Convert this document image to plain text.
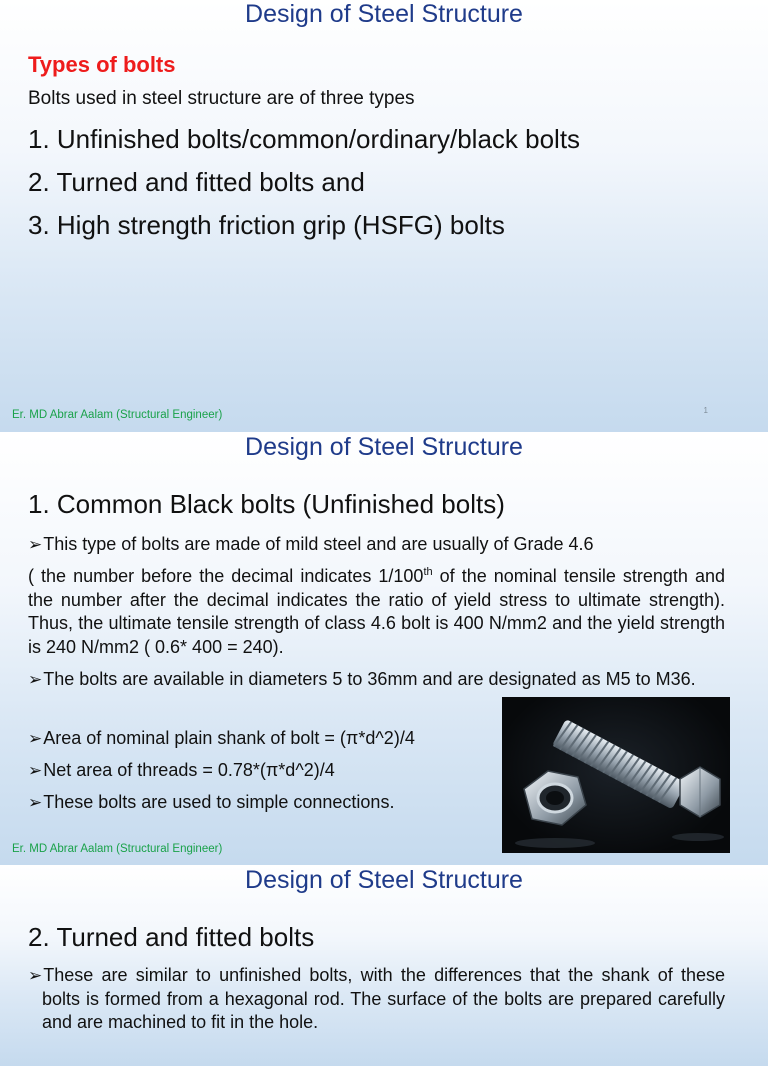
Design of Steel Structure
Types of bolts
Bolts used in steel structure are of three types
1. Unfinished bolts/common/ordinary/black bolts
2. Turned and fitted bolts and
3. High strength friction grip (HSFG) bolts
Er. MD Abrar Aalam (Structural Engineer)	1
Design of Steel Structure
1. Common Black bolts (Unfinished bolts)
➢This type of bolts are made of mild steel and are usually of Grade 4.6
( the number before the decimal indicates 1/100th of the nominal tensile strength and the number after the decimal indicates the ratio of yield stress to ultimate strength). Thus, the ultimate tensile strength of class 4.6 bolt is 400 N/mm2 and the yield strength is 240 N/mm2 ( 0.6* 400 = 240).
➢The bolts are available in diameters 5 to 36mm and are designated as M5 to M36.
➢Area of nominal plain shank of bolt = (π*d^2)/4
➢Net area of threads = 0.78*(π*d^2)/4
➢These bolts are used to simple connections.
Er. MD Abrar Aalam (Structural Engineer)
Design of Steel Structure
2. Turned and fitted bolts
➢These are similar to unfinished bolts, with the differences that the shank of these bolts is formed from a hexagonal rod. The surface of the bolts are prepared carefully and are machined to fit in the hole.
